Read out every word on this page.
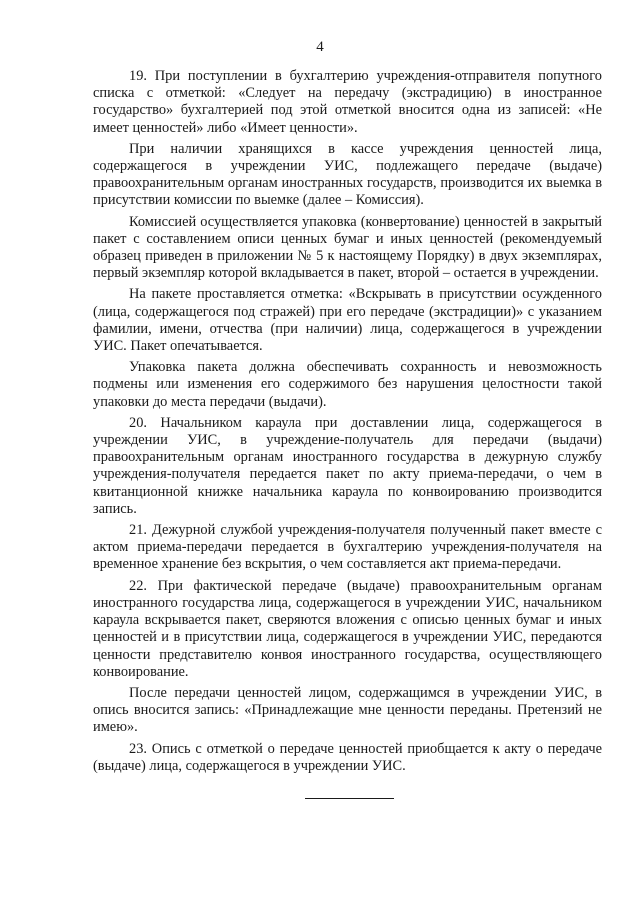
4

19. При поступлении в бухгалтерию учреждения-отправителя попутного списка с отметкой: «Следует на передачу (экстрадицию) в иностранное государство» бухгалтерией под этой отметкой вносится одна из записей: «Не имеет ценностей» либо «Имеет ценности».

При наличии хранящихся в кассе учреждения ценностей лица, содержащегося в учреждении УИС, подлежащего передаче (выдаче) правоохранительным органам иностранных государств, производится их выемка в присутствии комиссии по выемке (далее – Комиссия).

Комиссией осуществляется упаковка (конвертование) ценностей в закрытый пакет с составлением описи ценных бумаг и иных ценностей (рекомендуемый образец приведен в приложении № 5 к настоящему Порядку) в двух экземплярах, первый экземпляр которой вкладывается в пакет, второй – остается в учреждении.

На пакете проставляется отметка: «Вскрывать в присутствии осужденного (лица, содержащегося под стражей) при его передаче (экстрадиции)» с указанием фамилии, имени, отчества (при наличии) лица, содержащегося в учреждении УИС. Пакет опечатывается.

Упаковка пакета должна обеспечивать сохранность и невозможность подмены или изменения его содержимого без нарушения целостности такой упаковки до места передачи (выдачи).

20. Начальником караула при доставлении лица, содержащегося в учреждении УИС, в учреждение-получатель для передачи (выдачи) правоохранительным органам иностранного государства в дежурную службу учреждения-получателя передается пакет по акту приема-передачи, о чем в квитанционной книжке начальника караула по конвоированию производится запись.

21. Дежурной службой учреждения-получателя полученный пакет вместе с актом приема-передачи передается в бухгалтерию учреждения-получателя на временное хранение без вскрытия, о чем составляется акт приема-передачи.

22. При фактической передаче (выдаче) правоохранительным органам иностранного государства лица, содержащегося в учреждении УИС, начальником караула вскрывается пакет, сверяются вложения с описью ценных бумаг и иных ценностей и в присутствии лица, содержащегося в учреждении УИС, передаются ценности представителю конвоя иностранного государства, осуществляющего конвоирование.

После передачи ценностей лицом, содержащимся в учреждении УИС, в опись вносится запись: «Принадлежащие мне ценности переданы. Претензий не имею».

23. Опись с отметкой о передаче ценностей приобщается к акту о передаче (выдаче) лица, содержащегося в учреждении УИС.
